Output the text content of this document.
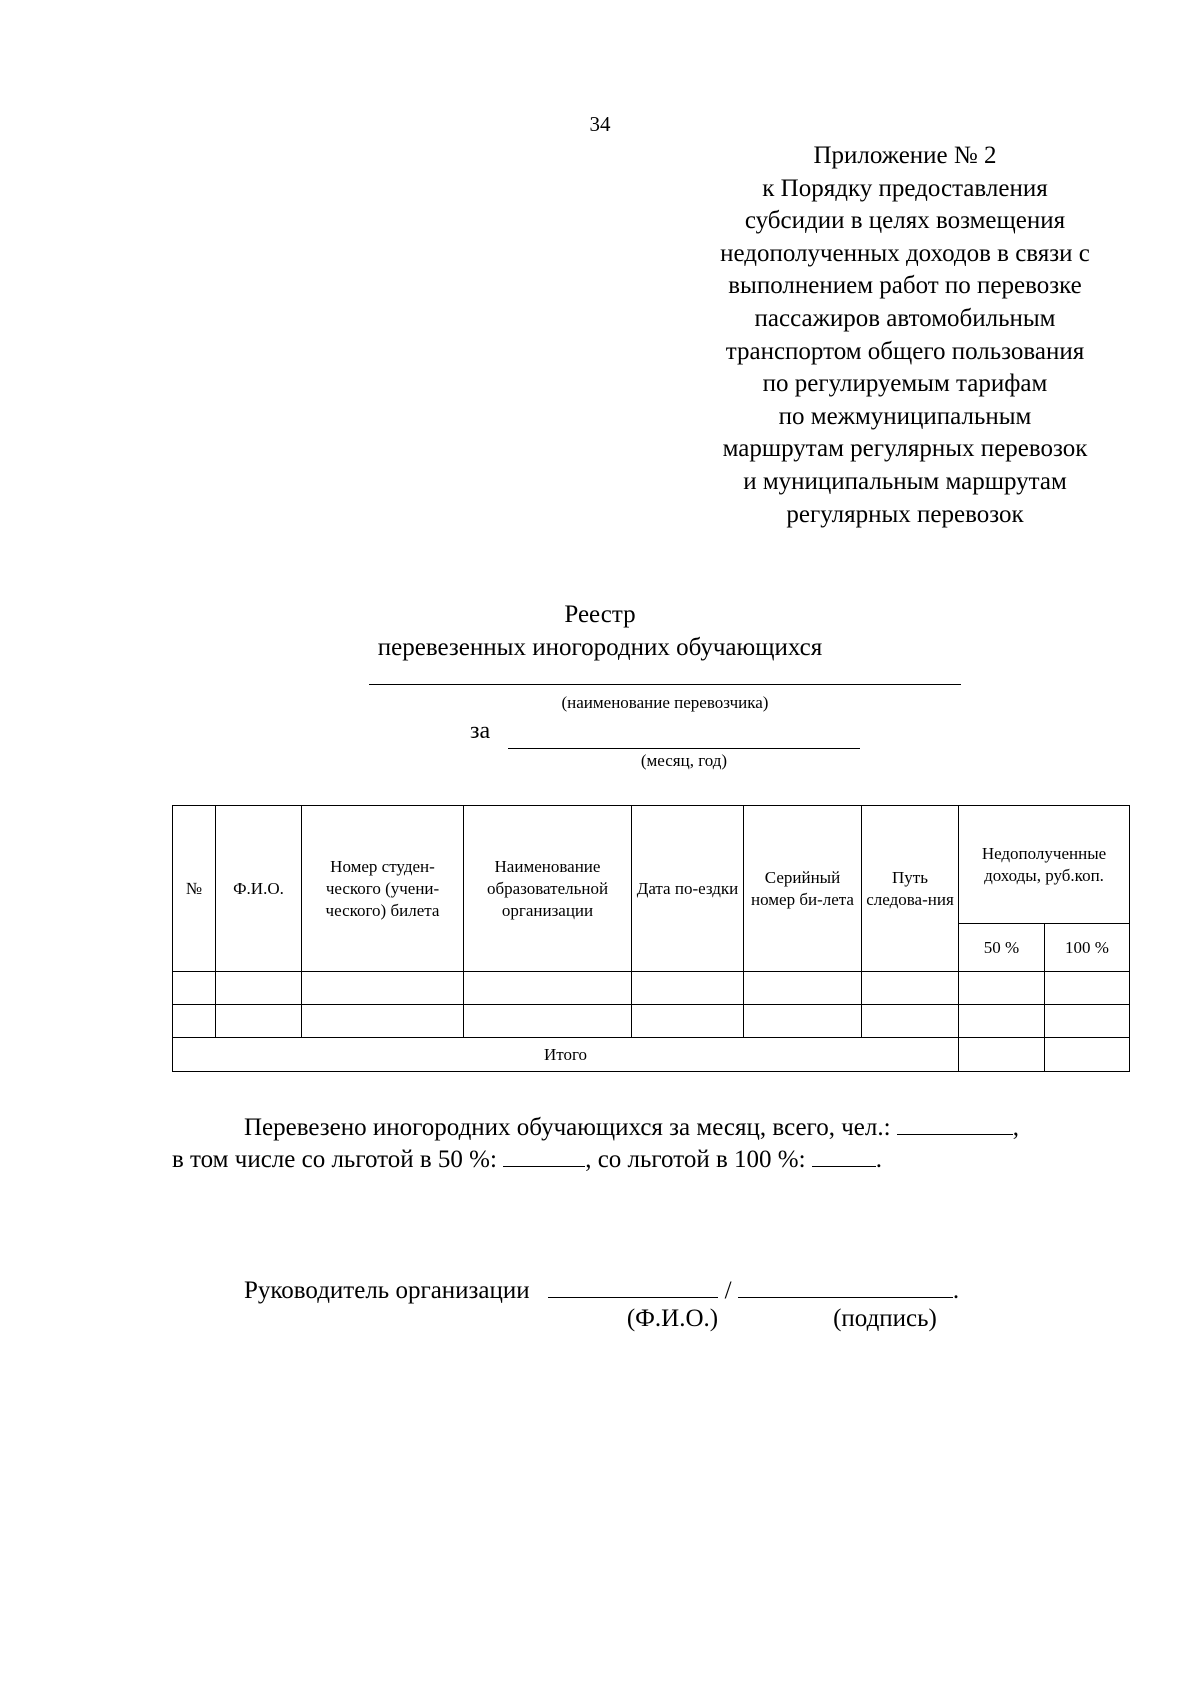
34
Приложение № 2
к Порядку предоставления
субсидии в целях возмещения
недополученных доходов в связи с
выполнением работ по перевозке
пассажиров автомобильным
транспортом общего пользования
по регулируемым тарифам
по межмуниципальным
маршрутам регулярных перевозок
и муниципальным маршрутам
регулярных перевозок
Реестр
перевезенных иногородних обучающихся
(наименование перевозчика)
за
(месяц, год)
№	Ф.И.О.	Номер студен-ческого (учени-ческого) билета	Наименование образовательной организации	Дата по-ездки	Серийный номер би-лета	Путь следова-ния	Недополученные доходы, руб.коп.	
							50 %	100 %

Итого								
Перевезено иногородних обучающихся за месяц, всего, чел.:	,
в том числе со льготой в 50 %:	, со льготой в 100 %:	.
Руководитель организации	/	.
(Ф.И.О.)	(подпись)
